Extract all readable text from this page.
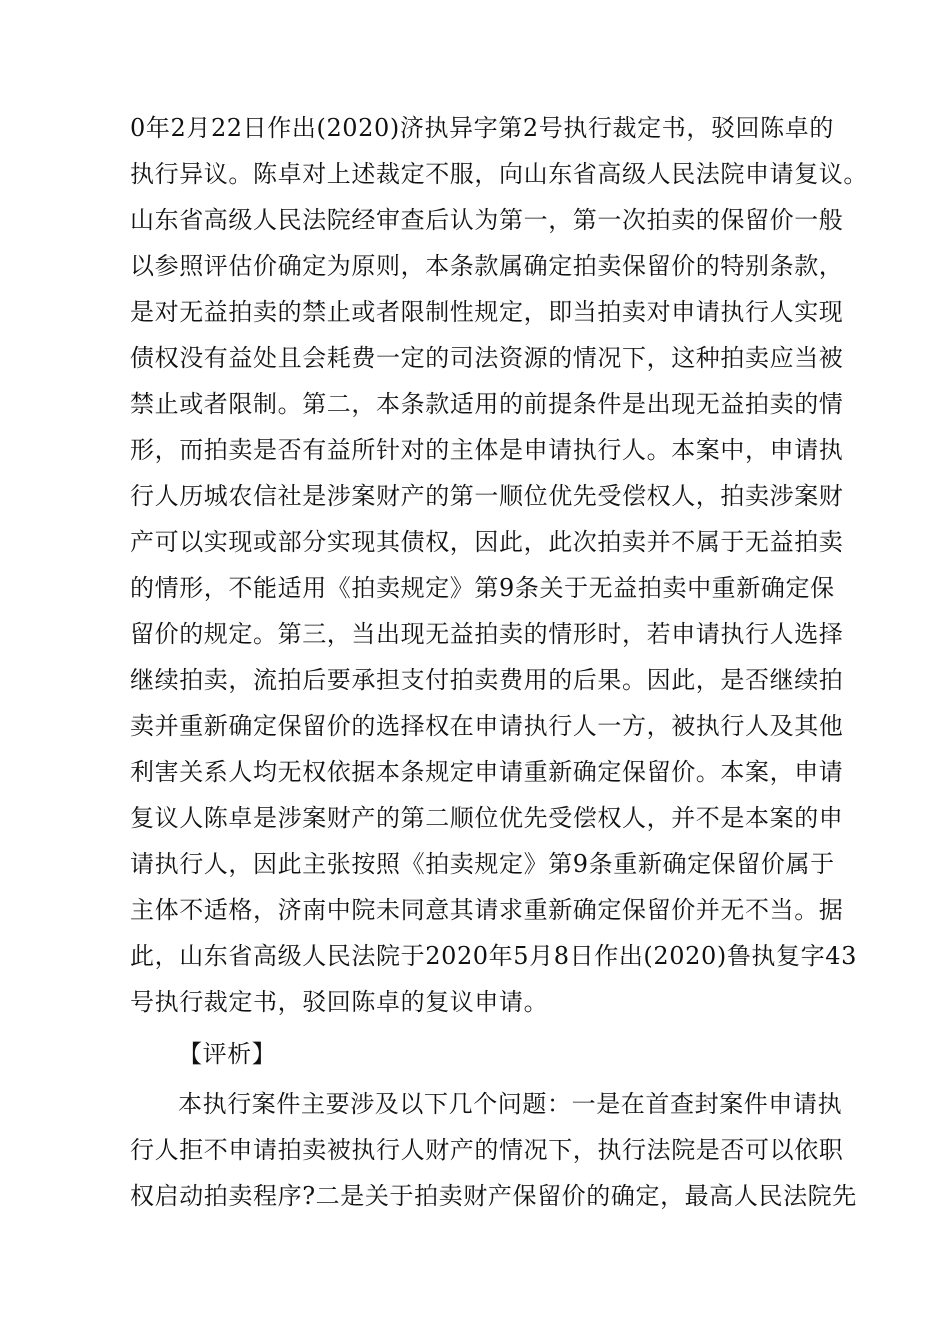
0年2月22日作出(2020)济执异字第2号执行裁定书，驳回陈卓的
执行异议。陈卓对上述裁定不服，向山东省高级人民法院申请复议。
山东省高级人民法院经审查后认为第一，第一次拍卖的保留价一般
以参照评估价确定为原则，本条款属确定拍卖保留价的特别条款，
是对无益拍卖的禁止或者限制性规定，即当拍卖对申请执行人实现
债权没有益处且会耗费一定的司法资源的情况下，这种拍卖应当被
禁止或者限制。第二，本条款适用的前提条件是出现无益拍卖的情
形，而拍卖是否有益所针对的主体是申请执行人。本案中，申请执
行人历城农信社是涉案财产的第一顺位优先受偿权人，拍卖涉案财
产可以实现或部分实现其债权，因此，此次拍卖并不属于无益拍卖
的情形，不能适用《拍卖规定》第9条关于无益拍卖中重新确定保
留价的规定。第三，当出现无益拍卖的情形时，若申请执行人选择
继续拍卖，流拍后要承担支付拍卖费用的后果。因此，是否继续拍
卖并重新确定保留价的选择权在申请执行人一方，被执行人及其他
利害关系人均无权依据本条规定申请重新确定保留价。本案，申请
复议人陈卓是涉案财产的第二顺位优先受偿权人，并不是本案的申
请执行人，因此主张按照《拍卖规定》第9条重新确定保留价属于
主体不适格，济南中院未同意其请求重新确定保留价并无不当。据
此，山东省高级人民法院于2020年5月8日作出(2020)鲁执复字43
号执行裁定书，驳回陈卓的复议申请。
【评析】
本执行案件主要涉及以下几个问题：一是在首查封案件申请执
行人拒不申请拍卖被执行人财产的情况下，执行法院是否可以依职
权启动拍卖程序?二是关于拍卖财产保留价的确定，最高人民法院先
